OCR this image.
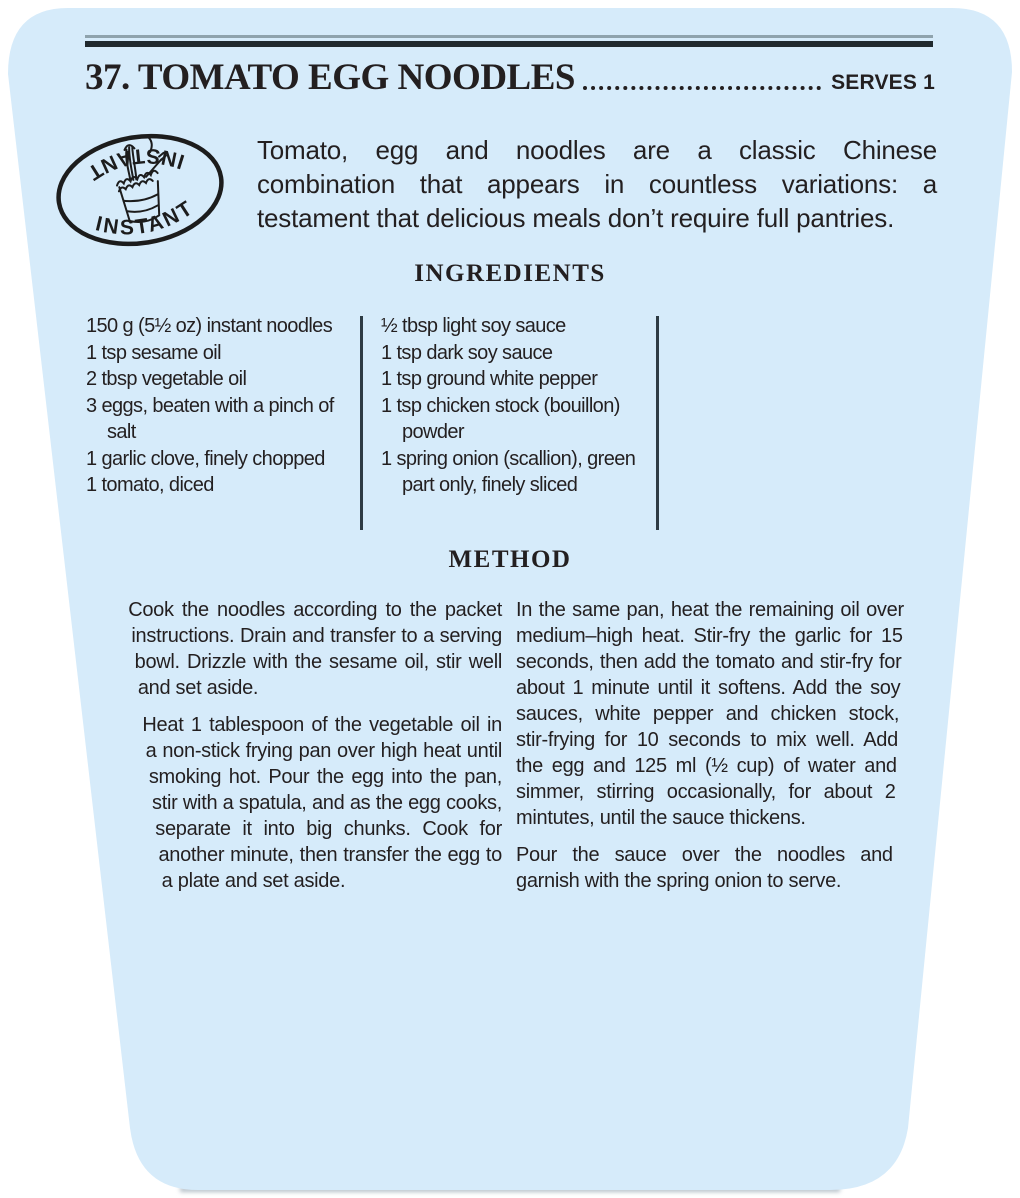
37. TOMATO EGG NOODLES	SERVES 1
INSTANT
INSTANT
Tomato, egg and noodles are a classic Chinese combination that appears in countless variations: a testament that delicious meals don’t require full pantries.
INGREDIENTS
150 g (5½ oz) instant noodles
1 tsp sesame oil
2 tbsp vegetable oil
3 eggs, beaten with a pinch of salt
1 garlic clove, finely chopped
1 tomato, diced
½ tbsp light soy sauce
1 tsp dark soy sauce
1 tsp ground white pepper
1 tsp chicken stock (bouillon) powder
1 spring onion (scallion), green part only, finely sliced
METHOD

Cook the noodles according to the packet instructions. Drain and transfer to a serving bowl. Drizzle with the sesame oil, stir well and set aside.

Heat 1 tablespoon of the vegetable oil in a non-stick frying pan over high heat until smoking hot. Pour the egg into the pan, stir with a spatula, and as the egg cooks, separate it into big chunks. Cook for another minute, then transfer the egg to a plate and set aside.

In the same pan, heat the remaining oil over medium–high heat. Stir-fry the garlic for 15 seconds, then add the tomato and stir-fry for about 1 minute until it softens. Add the soy sauces, white pepper and chicken stock, stir-frying for 10 seconds to mix well. Add the egg and 125 ml (½ cup) of water and simmer, stirring occasionally, for about 2 mintutes, until the sauce thickens.

Pour the sauce over the noodles and garnish with the spring onion to serve.
